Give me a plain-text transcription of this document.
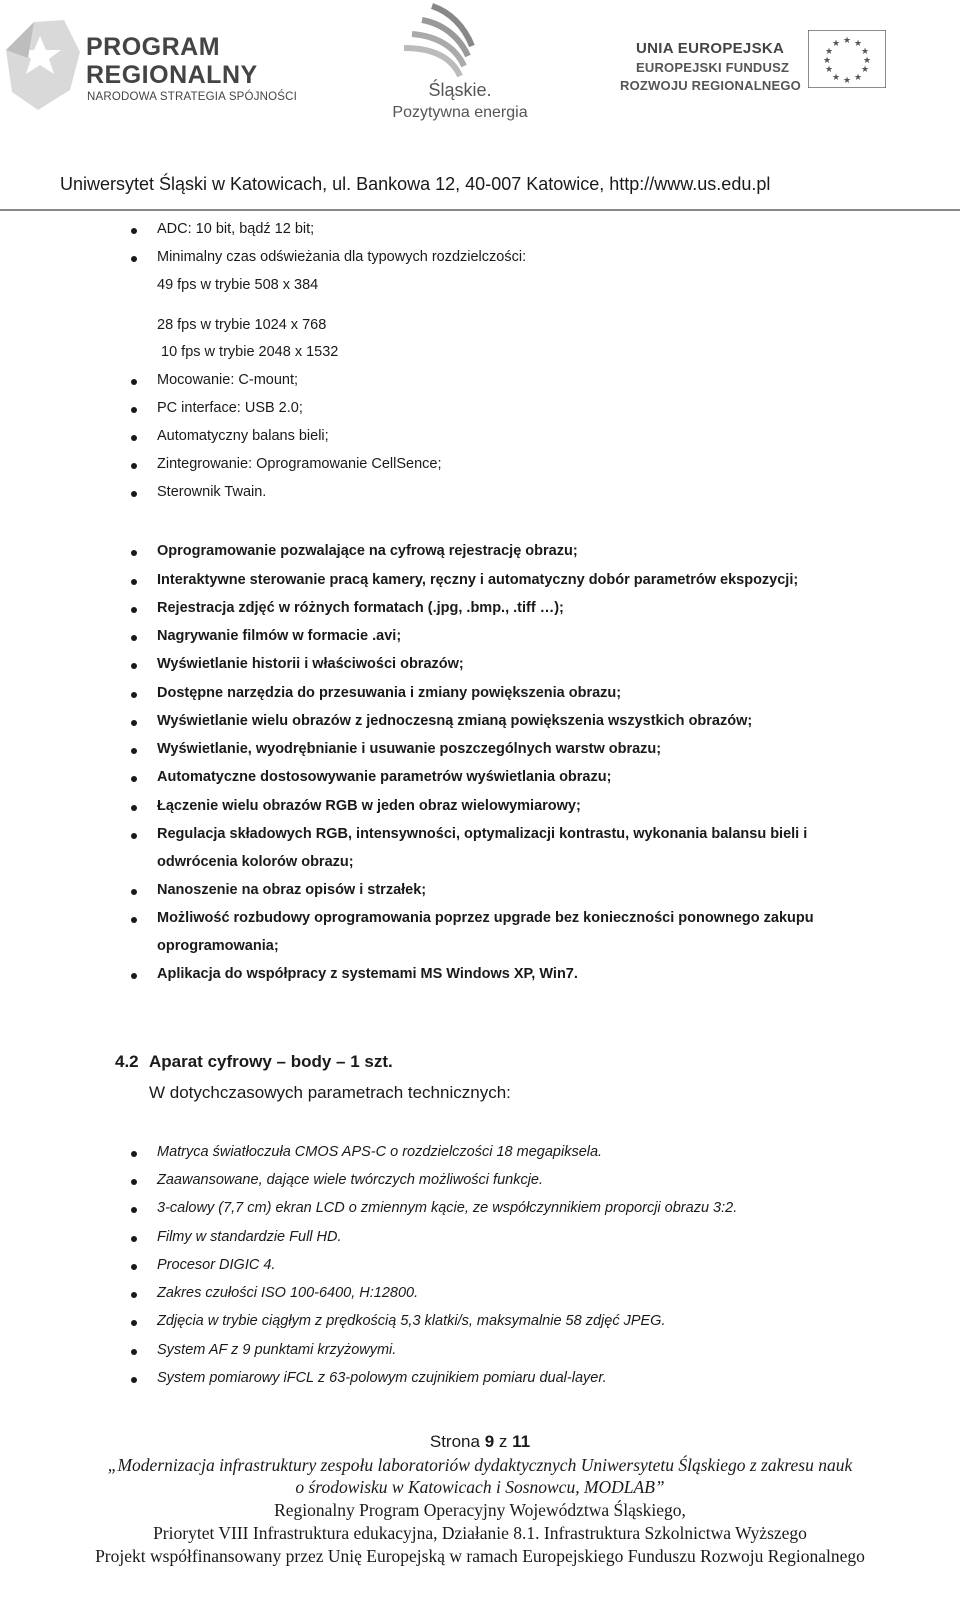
PROGRAM
REGIONALNY
NARODOWA STRATEGIA SPÓJNOŚCI	Śląskie.
Pozytywna energia
UNIA EUROPEJSKA
EUROPEJSKI FUNDUSZ
ROZWOJU REGIONALNEGO
★ ★
★
★
★
★
★
★
★
★
★
★
Uniwersytet Śląski w Katowicach, ul. Bankowa 12, 40-007 Katowice, http://www.us.edu.pl
ADC: 10 bit, bądź 12 bit;
Minimalny czas odświeżania dla typowych rozdzielczości:
49 fps w trybie 508 x 384
28 fps w trybie 1024 x 768
10 fps w trybie 2048 x 1532
Mocowanie: C-mount;
PC interface: USB 2.0;
Automatyczny balans bieli;
Zintegrowanie: Oprogramowanie CellSence;
Sterownik Twain.
Oprogramowanie pozwalające na cyfrową rejestrację obrazu;
Interaktywne sterowanie pracą kamery, ręczny i automatyczny dobór parametrów ekspozycji;
Rejestracja zdjęć w różnych formatach (.jpg, .bmp., .tiff …);
Nagrywanie filmów w formacie .avi;
Wyświetlanie historii i właściwości obrazów;
Dostępne narzędzia do przesuwania i zmiany powiększenia obrazu;
Wyświetlanie wielu obrazów z jednoczesną zmianą powiększenia wszystkich obrazów;
Wyświetlanie, wyodrębnianie i usuwanie poszczególnych warstw obrazu;
Automatyczne dostosowywanie parametrów wyświetlania obrazu;
Łączenie wielu obrazów RGB w jeden obraz wielowymiarowy;
Regulacja składowych RGB, intensywności, optymalizacji kontrastu, wykonania balansu bieli i
odwrócenia kolorów obrazu;
Nanoszenie na obraz opisów i strzałek;
Możliwość rozbudowy oprogramowania poprzez upgrade bez konieczności ponownego zakupu
oprogramowania;
Aplikacja do współpracy z systemami MS Windows XP, Win7.
4.2 Aparat cyfrowy – body – 1 szt.
W dotychczasowych parametrach technicznych:
Matryca światłoczuła CMOS APS-C o rozdzielczości 18 megapiksela.
Zaawansowane, dające wiele twórczych możliwości funkcje.
3-calowy (7,7 cm) ekran LCD o zmiennym kącie, ze współczynnikiem proporcji obrazu 3:2.
Filmy w standardzie Full HD.
Procesor DIGIC 4.
Zakres czułości ISO 100-6400, H:12800.
Zdjęcia w trybie ciągłym z prędkością 5,3 klatki/s, maksymalnie 58 zdjęć JPEG.
System AF z 9 punktami krzyżowymi.
System pomiarowy iFCL z 63-polowym czujnikiem pomiaru dual-layer.
Strona 9 z 11
„Modernizacja infrastruktury zespołu laboratoriów dydaktycznych Uniwersytetu Śląskiego z zakresu nauk
o środowisku w Katowicach i Sosnowcu, MODLAB”
Regionalny Program Operacyjny Województwa Śląskiego,
Priorytet VIII Infrastruktura edukacyjna, Działanie 8.1. Infrastruktura Szkolnictwa Wyższego
Projekt współfinansowany przez Unię Europejską w ramach Europejskiego Funduszu Rozwoju Regionalnego
